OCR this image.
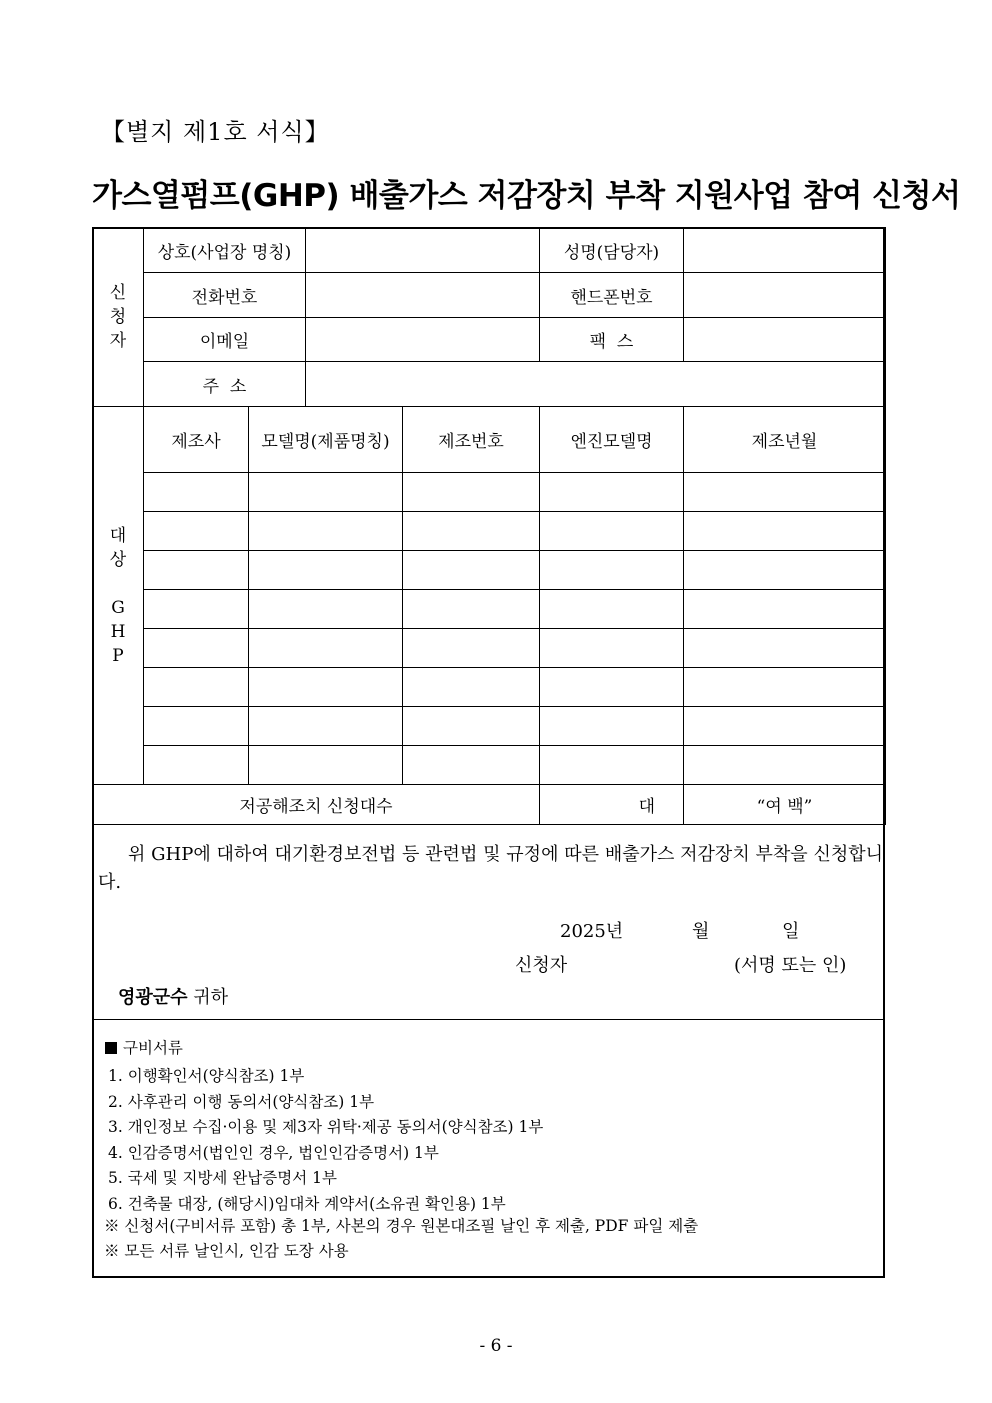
【별지 제1호 서식】
가스열펌프(GHP) 배출가스 저감장치 부착 지원사업 참여 신청서
신
청
자	상호(사업장 명칭)				성명(담당자)	
	전화번호				핸드폰번호	
	이메일				팩  스	
	주  소					

대
상
G
H
P	제조사	모델명(제품명칭)		제조번호	엔진모델명	제조년월

저공해조치 신청대수					대	“여 백”
위 GHP에 대하여 대기환경보전법 등 관련법 및 규정에 따른 배출가스 저감장치 부착을 신청합니다.
2025년	월	일
신청자	(서명 또는 인)
영광군수 귀하
구비서류
1. 이행확인서(양식참조) 1부
2. 사후관리 이행 동의서(양식참조) 1부
3. 개인정보 수집·이용 및 제3자 위탁·제공 동의서(양식참조) 1부
4. 인감증명서(법인인 경우, 법인인감증명서) 1부
5. 국세 및 지방세 완납증명서 1부
6. 건축물 대장, (해당시)임대차 계약서(소유권 확인용) 1부
※ 신청서(구비서류 포함) 총 1부, 사본의 경우 원본대조필 날인 후 제출, PDF 파일 제출
※ 모든 서류 날인시, 인감 도장 사용
- 6 -
